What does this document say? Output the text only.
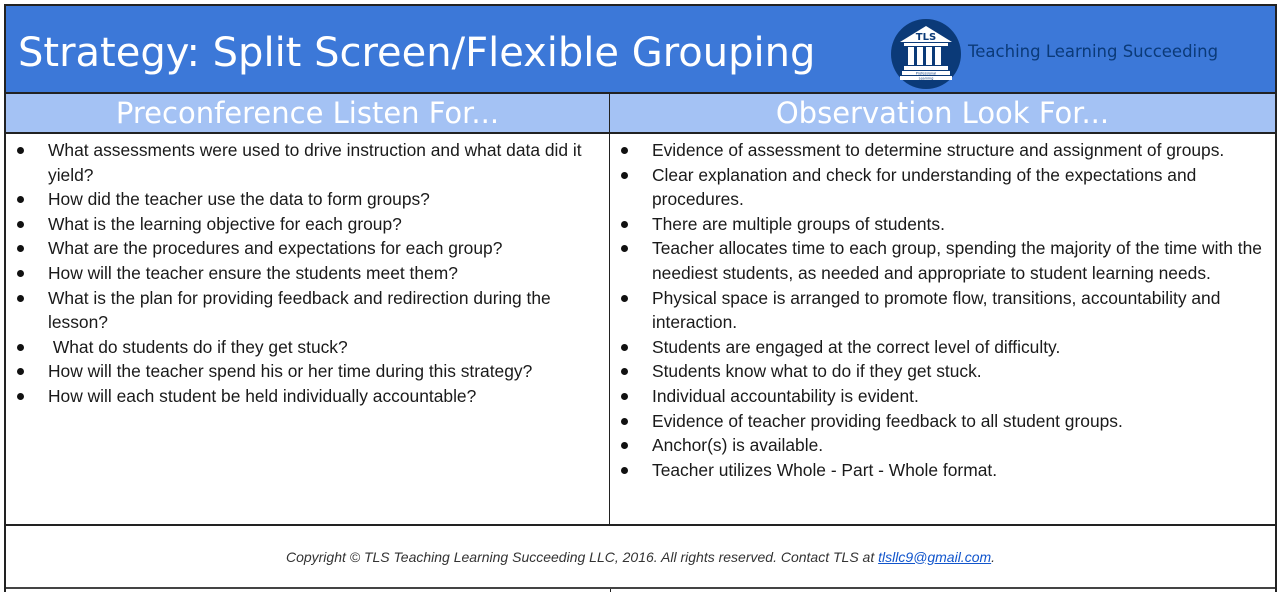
Strategy: Split Screen/Flexible Grouping	TLS
Professional
Learning
Teaching Learning Succeeding
Preconference Listen For...	Observation Look For...
What assessments were used to drive instruction and what data did it yield?
How did the teacher use the data to form groups?
What is the learning objective for each group?
What are the procedures and expectations for each group?
How will the teacher ensure the students meet them?
What is the plan for providing feedback and redirection during the lesson?
What do students do if they get stuck?
How will the teacher spend his or her time during this strategy?
How will each student be held individually accountable?
Evidence of assessment to determine structure and assignment of groups.
Clear explanation and check for understanding of the expectations and procedures.
There are multiple groups of students.
Teacher allocates time to each group, spending the majority of the time with the neediest students, as needed and appropriate to student learning needs.
Physical space is arranged to promote flow, transitions, accountability and interaction.
Students are engaged at the correct level of difficulty.
Students know what to do if they get stuck.
Individual accountability is evident.
Evidence of teacher providing feedback to all student groups.
Anchor(s) is available.
Teacher utilizes Whole - Part - Whole format.
Copyright © TLS Teaching Learning Succeeding LLC, 2016. All rights reserved. Contact TLS at tlsllc9@gmail.com.
